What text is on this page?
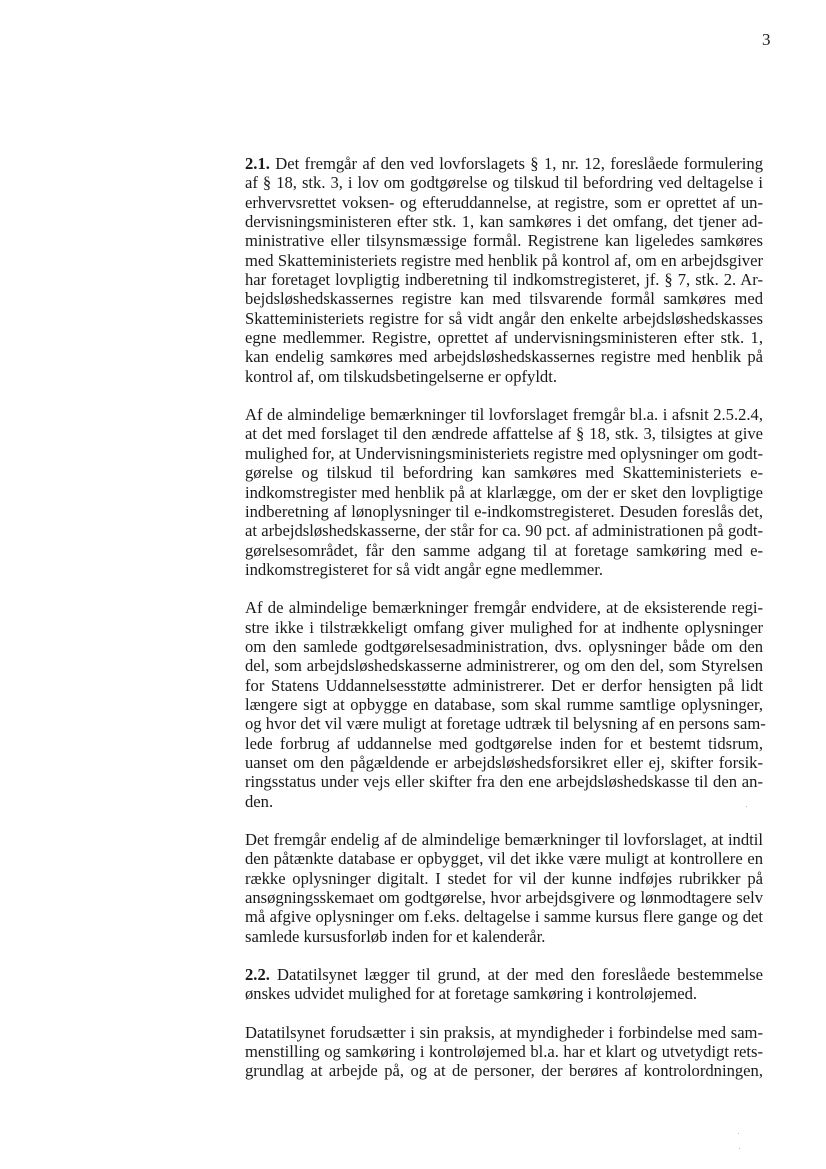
3
2.1. Det fremgår af den ved lovforslagets § 1, nr. 12, foreslåede formulering
af § 18, stk. 3, i lov om godtgørelse og tilskud til befordring ved deltagelse i
erhvervsrettet voksen- og efteruddannelse, at registre, som er oprettet af un-
dervisningsministeren efter stk. 1, kan samkøres i det omfang, det tjener ad-
ministrative eller tilsynsmæssige formål. Registrene kan ligeledes samkøres
med Skatteministeriets registre med henblik på kontrol af, om en arbejdsgiver
har foretaget lovpligtig indberetning til indkomstregisteret, jf. § 7, stk. 2. Ar-
bejdsløshedskassernes registre kan med tilsvarende formål samkøres med
Skatteministeriets registre for så vidt angår den enkelte arbejdsløshedskasses
egne medlemmer. Registre, oprettet af undervisningsministeren efter stk. 1,
kan endelig samkøres med arbejdsløshedskassernes registre med henblik på
kontrol af, om tilskudsbetingelserne er opfyldt.
Af de almindelige bemærkninger til lovforslaget fremgår bl.a. i afsnit 2.5.2.4,
at det med forslaget til den ændrede affattelse af § 18, stk. 3, tilsigtes at give
mulighed for, at Undervisningsministeriets registre med oplysninger om godt-
gørelse og tilskud til befordring kan samkøres med Skatteministeriets e-
indkomstregister med henblik på at klarlægge, om der er sket den lovpligtige
indberetning af lønoplysninger til e-indkomstregisteret. Desuden foreslås det,
at arbejdsløshedskasserne, der står for ca. 90 pct. af administrationen på godt-
gørelsesområdet, får den samme adgang til at foretage samkøring med e-
indkomstregisteret for så vidt angår egne medlemmer.
Af de almindelige bemærkninger fremgår endvidere, at de eksisterende regi-
stre ikke i tilstrækkeligt omfang giver mulighed for at indhente oplysninger
om den samlede godtgørelsesadministration, dvs. oplysninger både om den
del, som arbejdsløshedskasserne administrerer, og om den del, som Styrelsen
for Statens Uddannelsesstøtte administrerer. Det er derfor hensigten på lidt
længere sigt at opbygge en database, som skal rumme samtlige oplysninger,
og hvor det vil være muligt at foretage udtræk til belysning af en persons sam-
lede forbrug af uddannelse med godtgørelse inden for et bestemt tidsrum,
uanset om den pågældende er arbejdsløshedsforsikret eller ej, skifter forsik-
ringsstatus under vejs eller skifter fra den ene arbejdsløshedskasse til den an-
den.
Det fremgår endelig af de almindelige bemærkninger til lovforslaget, at indtil
den påtænkte database er opbygget, vil det ikke være muligt at kontrollere en
række oplysninger digitalt. I stedet for vil der kunne indføjes rubrikker på
ansøgningsskemaet om godtgørelse, hvor arbejdsgivere og lønmodtagere selv
må afgive oplysninger om f.eks. deltagelse i samme kursus flere gange og det
samlede kursusforløb inden for et kalenderår.
2.2. Datatilsynet lægger til grund, at der med den foreslåede bestemmelse
ønskes udvidet mulighed for at foretage samkøring i kontroløjemed.
Datatilsynet forudsætter i sin praksis, at myndigheder i forbindelse med sam-
menstilling og samkøring i kontroløjemed bl.a. har et klart og utvetydigt rets-
grundlag at arbejde på, og at de personer, der berøres af kontrolordningen,
